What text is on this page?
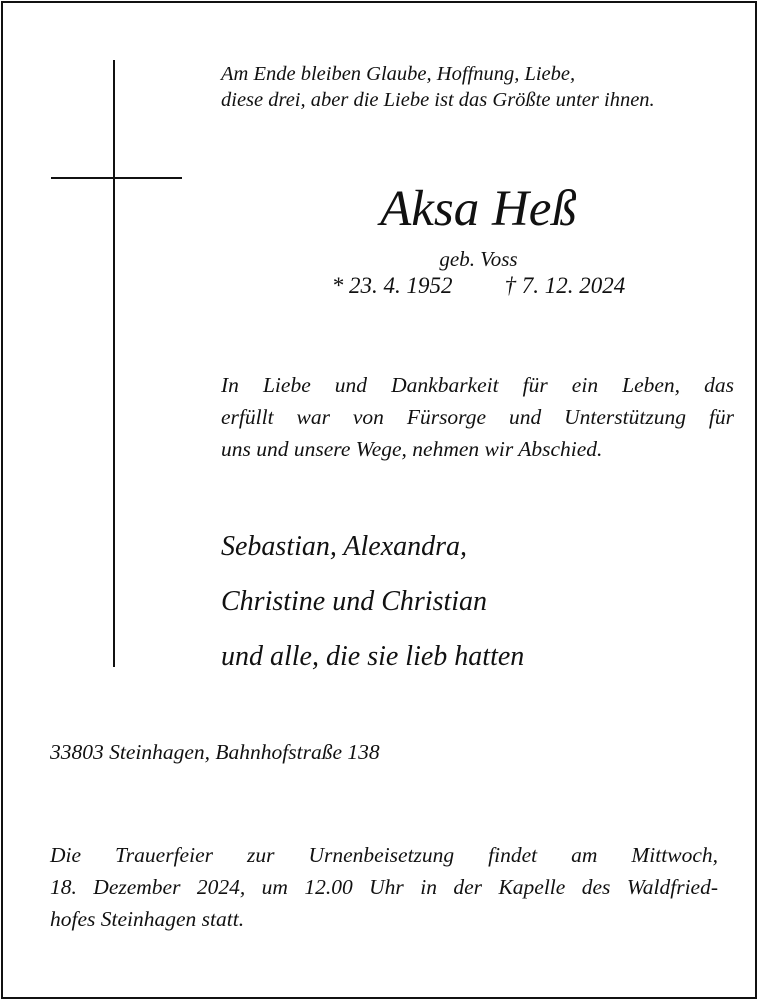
Am Ende bleiben Glaube, Hoffnung, Liebe,
diese drei, aber die Liebe ist das Größte unter ihnen.
Aksa Heß
geb. Voss
* 23. 4. 1952 † 7. 12. 2024
In Liebe und Dankbarkeit für ein Leben, das
erfüllt war von Fürsorge und Unterstützung für
uns und unsere Wege, nehmen wir Abschied.
Sebastian, Alexandra,
Christine und Christian
und alle, die sie lieb hatten
33803 Steinhagen, Bahnhofstraße 138
Die Trauerfeier zur Urnenbeisetzung findet am Mittwoch,
18. Dezember 2024, um 12.00 Uhr in der Kapelle des Waldfried-
hofes Steinhagen statt.
